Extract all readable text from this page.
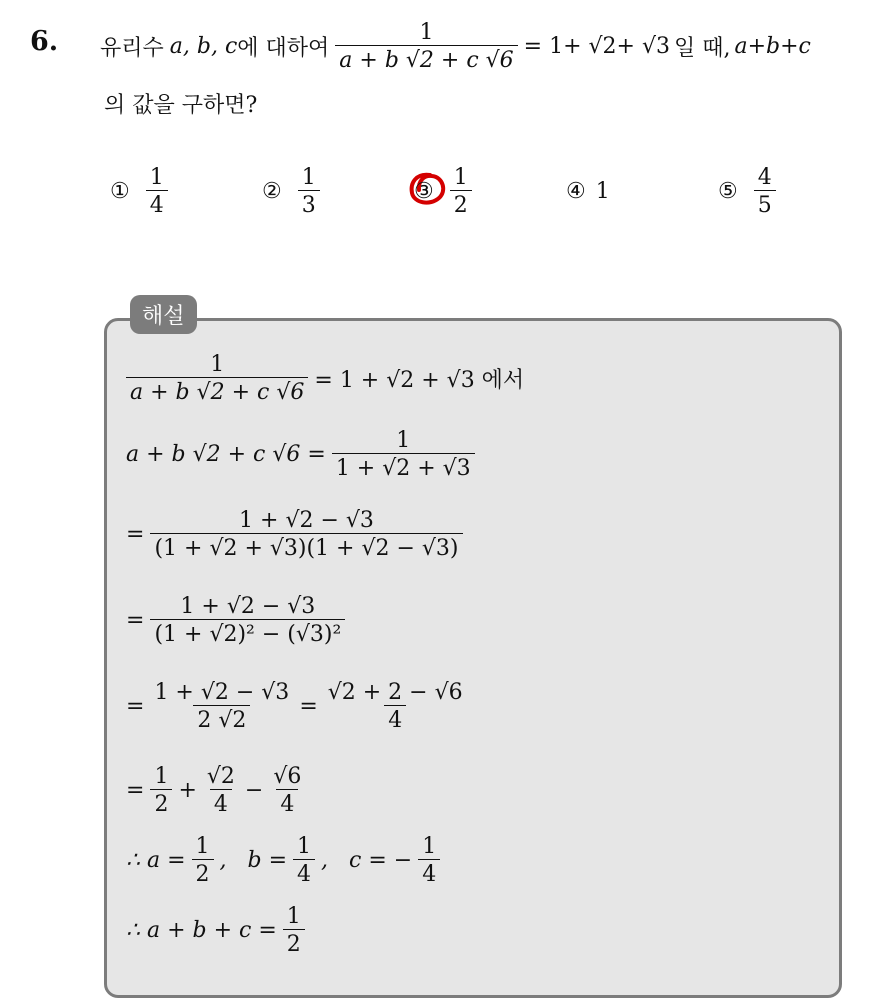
6. 유리수 a, b, c 에 대하여 $\frac{1}{a + b √2 + c √6} = 1+ √2+ √3$ 일 때, a+b+c
의 값을 구하면?
① $\frac{1}{4}$	② $\frac{1}{3}$	③ $\frac{1}{2}$	④ 1	⑤ $\frac{4}{5}$
해설
$\frac{1}{a + b √2 + c √6} = 1 + √2 + √3$ 에서
a + b √2 + c $√6 = \frac{1}{1 + √2 + √3}$
= $\frac{1 + √2 - √3}{(1 + √2 + √3)(1 + √2 - √3)}$
= $\frac{1 + √2 - √3}{\text{(1 + √2)² − (√3)²}}$
= $\frac{1 + √2 - √3}{2 √2} = \frac{√2 + 2 - √6}{4}$
= $\frac{1}{2} + \frac{√2}{4} - \frac{√6}{4}$
∴ $a = \frac{1}{2}$ ,   $b = \frac{1}{4}$ ,   c = − $\frac{1}{4}$
∴ $a + b + c = \frac{1}{2}$
